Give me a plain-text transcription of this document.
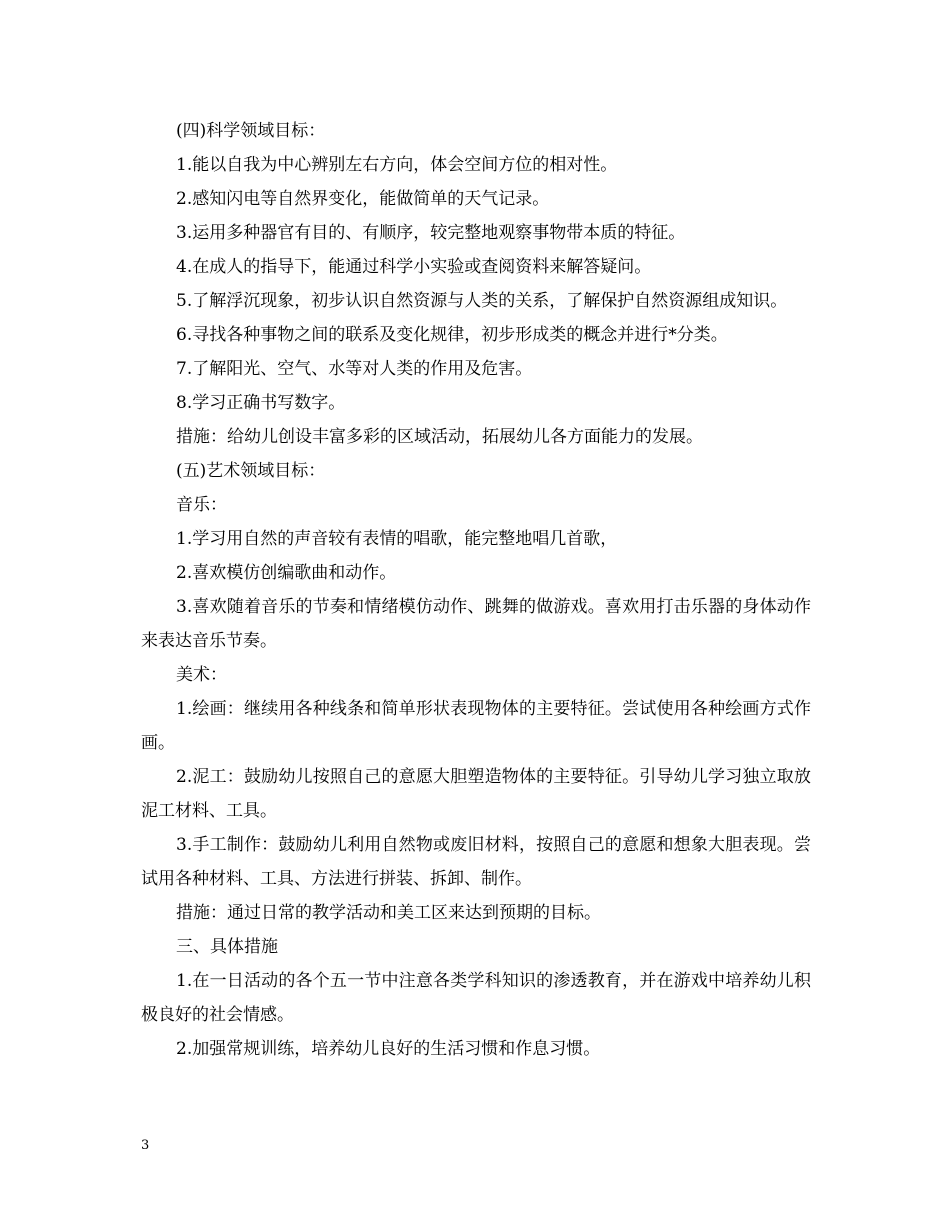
(四)科学领域目标：

1.能以自我为中心辨别左右方向，体会空间方位的相对性。

2.感知闪电等自然界变化，能做简单的天气记录。

3.运用多种器官有目的、有顺序，较完整地观察事物带本质的特征。

4.在成人的指导下，能通过科学小实验或查阅资料来解答疑问。

5.了解浮沉现象，初步认识自然资源与人类的关系，了解保护自然资源组成知识。

6.寻找各种事物之间的联系及变化规律，初步形成类的概念并进行*分类。

7.了解阳光、空气、水等对人类的作用及危害。

8.学习正确书写数字。

措施：给幼儿创设丰富多彩的区域活动，拓展幼儿各方面能力的发展。

(五)艺术领域目标：

音乐：

1.学习用自然的声音较有表情的唱歌，能完整地唱几首歌，

2.喜欢模仿创编歌曲和动作。

3.喜欢随着音乐的节奏和情绪模仿动作、跳舞的做游戏。喜欢用打击乐器的身体动作来表达音乐节奏。

美术：

1.绘画：继续用各种线条和简单形状表现物体的主要特征。尝试使用各种绘画方式作画。

2.泥工：鼓励幼儿按照自己的意愿大胆塑造物体的主要特征。引导幼儿学习独立取放泥工材料、工具。

3.手工制作：鼓励幼儿利用自然物或废旧材料，按照自己的意愿和想象大胆表现。尝试用各种材料、工具、方法进行拼装、拆卸、制作。

措施：通过日常的教学活动和美工区来达到预期的目标。

三、具体措施

1.在一日活动的各个五一节中注意各类学科知识的渗透教育，并在游戏中培养幼儿积极良好的社会情感。

2.加强常规训练，培养幼儿良好的生活习惯和作息习惯。

3
